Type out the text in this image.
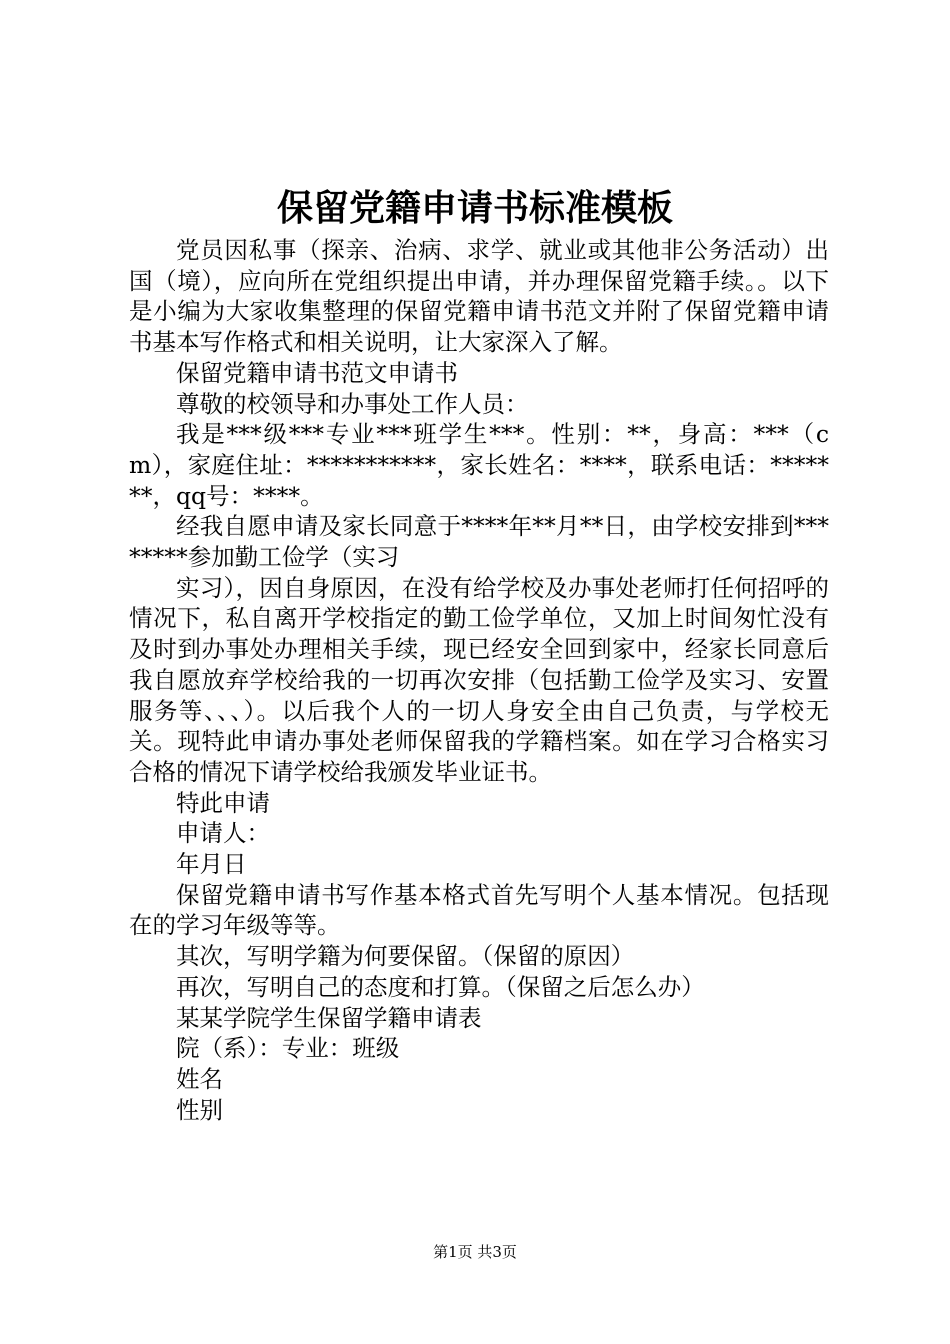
保留党籍申请书标准模板

党员因私事（探亲、治病、求学、就业或其他非公务活动）出国（境），应向所在党组织提出申请，并办理保留党籍手续。。以下是小编为大家收集整理的保留党籍申请书范文并附了保留党籍申请书基本写作格式和相关说明，让大家深入了解。

保留党籍申请书范文申请书

尊敬的校领导和办事处工作人员：

我是***级***专业***班学生***。性别：**，身高：***（cm），家庭住址：***********，家长姓名：****，联系电话：*******，qq号：****。

经我自愿申请及家长同意于****年**月**日，由学校安排到********参加勤工俭学（实习

实习），因自身原因，在没有给学校及办事处老师打任何招呼的情况下，私自离开学校指定的勤工俭学单位，又加上时间匆忙没有及时到办事处办理相关手续，现已经安全回到家中，经家长同意后我自愿放弃学校给我的一切再次安排（包括勤工俭学及实习、安置服务等、、、）。以后我个人的一切人身安全由自己负责，与学校无关。现特此申请办事处老师保留我的学籍档案。如在学习合格实习合格的情况下请学校给我颁发毕业证书。

特此申请

申请人：

年月日

保留党籍申请书写作基本格式首先写明个人基本情况。包括现在的学习年级等等。

其次，写明学籍为何要保留。（保留的原因）

再次，写明自己的态度和打算。（保留之后怎么办）

某某学院学生保留学籍申请表

院（系）：专业：班级

姓名

性别

第1页 共3页
